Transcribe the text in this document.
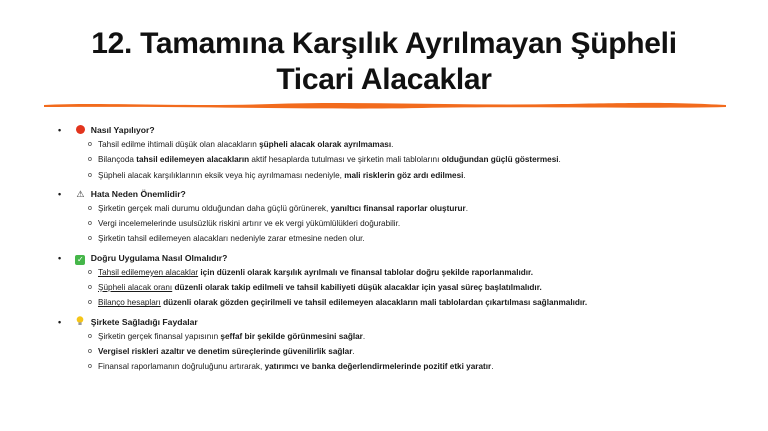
12. Tamamına Karşılık Ayrılmayan Şüpheli
Ticari Alacaklar
•	Nasıl Yapılıyor?
o Tahsil edilme ihtimali düşük olan alacakların şüpheli alacak olarak ayrılmaması.
o Bilançoda tahsil edilemeyen alacakların aktif hesaplarda tutulması ve şirketin mali tablolarını olduğundan güçlü göstermesi.
o Şüpheli alacak karşılıklarının eksik veya hiç ayrılmaması nedeniyle, mali risklerin göz ardı edilmesi.
• ⚠ Hata Neden Önemlidir?
o Şirketin gerçek mali durumu olduğundan daha güçlü görünerek, yanıltıcı finansal raporlar oluşturur.
o Vergi incelemelerinde usulsüzlük riskini artırır ve ek vergi yükümlülükleri doğurabilir.
o Şirketin tahsil edilemeyen alacakları nedeniyle zarar etmesine neden olur.
• ✓ Doğru Uygulama Nasıl Olmalıdır?
o Tahsil edilemeyen alacaklar için düzenli olarak karşılık ayrılmalı ve finansal tablolar doğru şekilde raporlanmalıdır.
o Şüpheli alacak oranı düzenli olarak takip edilmeli ve tahsil kabiliyeti düşük alacaklar için yasal süreç başlatılmalıdır.
o Bilanço hesapları düzenli olarak gözden geçirilmeli ve tahsil edilemeyen alacakların mali tablolardan çıkartılması sağlanmalıdır.
•	Şirkete Sağladığı Faydalar
o Şirketin gerçek finansal yapısının şeffaf bir şekilde görünmesini sağlar.
o Vergisel riskleri azaltır ve denetim süreçlerinde güvenilirlik sağlar.
o Finansal raporlamanın doğruluğunu artırarak, yatırımcı ve banka değerlendirmelerinde pozitif etki yaratır.
